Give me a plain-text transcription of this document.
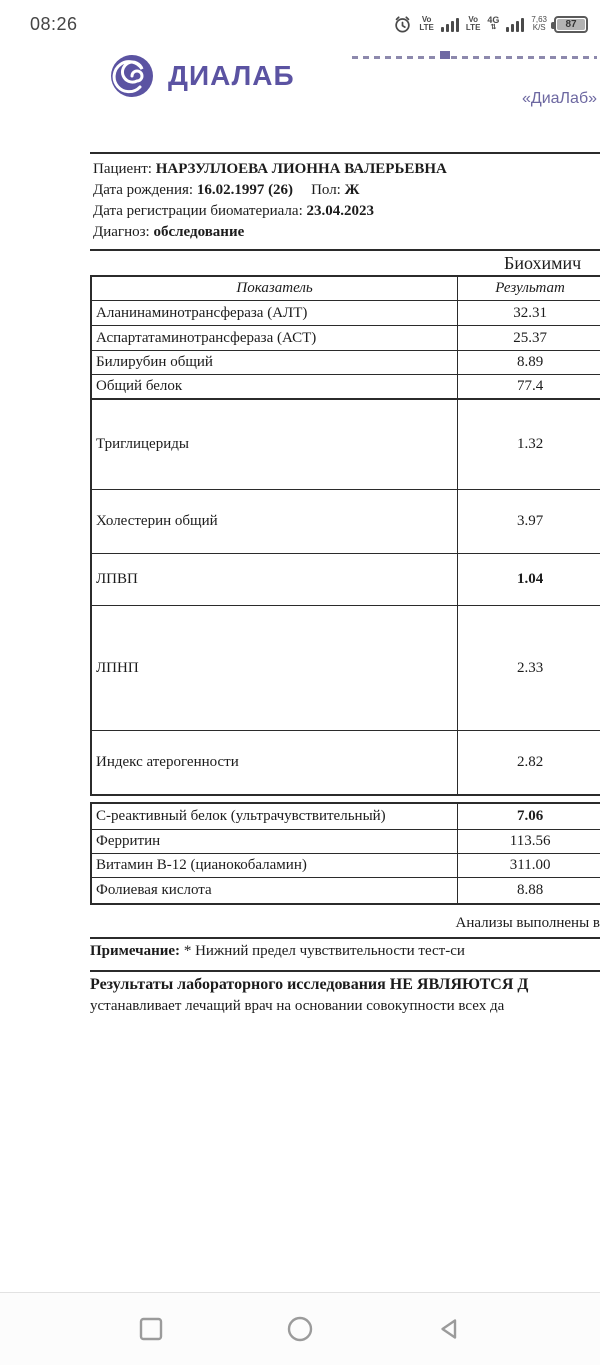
08:26	Vo
LTE
Vo
LTE
4G
⇅
7,63
K/S 87
ДИАЛАБ
«ДиаЛаб»
Пациент: НАРЗУЛЛОЕВА ЛИОННА ВАЛЕРЬЕВНА
Дата рождения: 16.02.1997 (26) Пол: Ж
Дата регистрации биоматериала: 23.04.2023
Диагноз: обследование
Биохимич
Показатель	Результат
Аланинаминотрансфераза (АЛТ)	32.31
Аспартатаминотрансфераза (АСТ)	25.37
Билирубин общий	8.89
Общий белок	77.4
Триглицериды	1.32
Холестерин общий	3.97
ЛПВП	1.04
ЛПНП	2.33
Индекс атерогенности	2.82
С-реактивный белок (ультрачувствительный)	7.06
Ферритин	113.56
Витамин B-12 (цианокобаламин)	311.00
Фолиевая кислота	8.88
Анализы выполнены в
Примечание: * Нижний предел чувствительности тест-си
Результаты лабораторного исследования НЕ ЯВЛЯЮТСЯ Д
устанавливает лечащий врач на основании совокупности всех да
